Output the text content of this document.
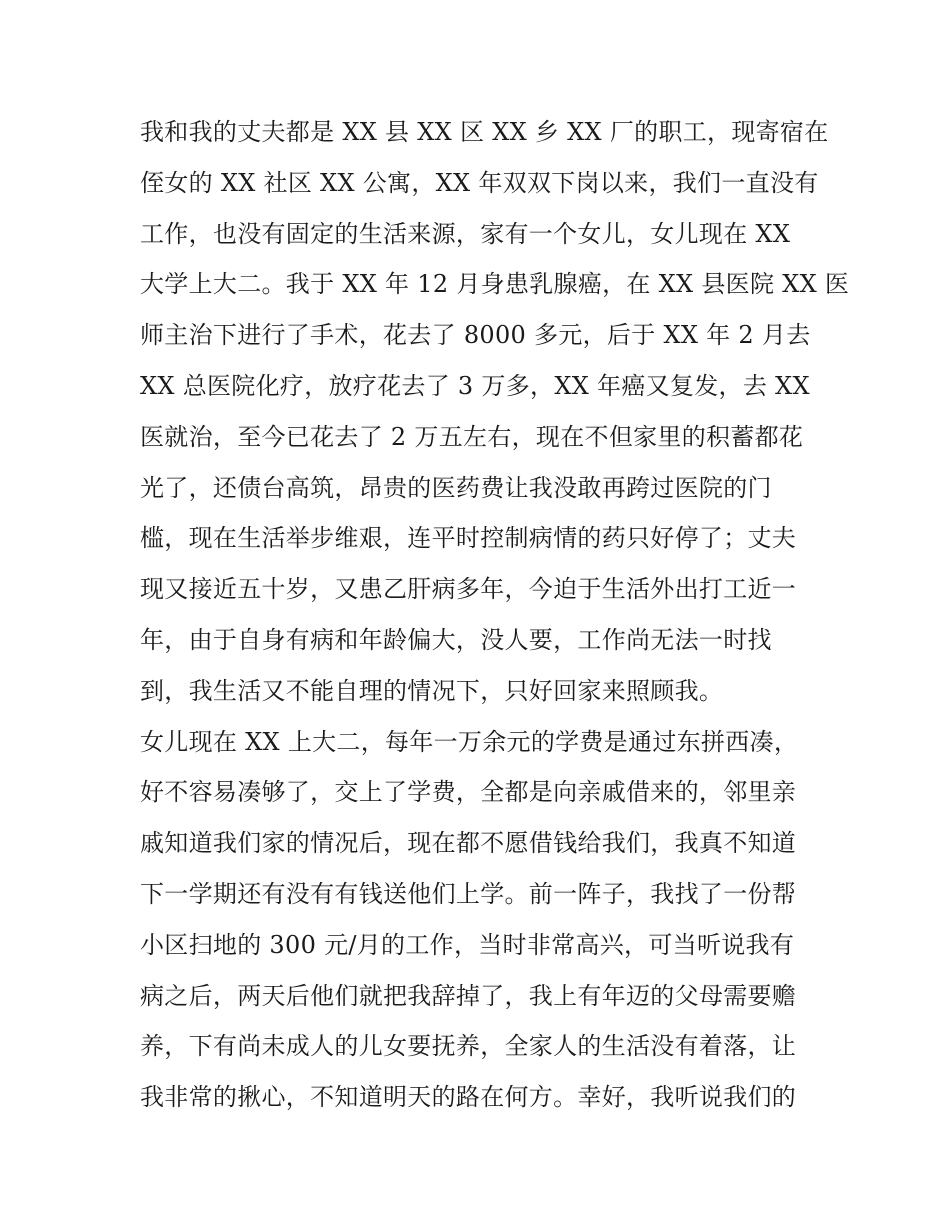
我和我的丈夫都是 XX 县 XX 区 XX 乡 XX 厂的职工，现寄宿在
侄女的 XX 社区 XX 公寓，XX 年双双下岗以来，我们一直没有
工作，也没有固定的生活来源，家有一个女儿，女儿现在 XX
大学上大二。我于 XX 年 12 月身患乳腺癌，在 XX 县医院 XX 医
师主治下进行了手术，花去了 8000 多元，后于 XX 年 2 月去
XX 总医院化疗，放疗花去了 3 万多，XX 年癌又复发，去 XX
医就治，至今已花去了 2 万五左右，现在不但家里的积蓄都花
光了，还债台高筑，昂贵的医药费让我没敢再跨过医院的门
槛，现在生活举步维艰，连平时控制病情的药只好停了；丈夫
现又接近五十岁，又患乙肝病多年，今迫于生活外出打工近一
年，由于自身有病和年龄偏大，没人要，工作尚无法一时找
到，我生活又不能自理的情况下，只好回家来照顾我。
女儿现在 XX 上大二，每年一万余元的学费是通过东拼西凑，
好不容易凑够了，交上了学费，全都是向亲戚借来的，邻里亲
戚知道我们家的情况后，现在都不愿借钱给我们，我真不知道
下一学期还有没有有钱送他们上学。前一阵子，我找了一份帮
小区扫地的 300 元/月的工作，当时非常高兴，可当听说我有
病之后，两天后他们就把我辞掉了，我上有年迈的父母需要赡
养，下有尚未成人的儿女要抚养，全家人的生活没有着落，让
我非常的揪心，不知道明天的路在何方。幸好，我听说我们的
